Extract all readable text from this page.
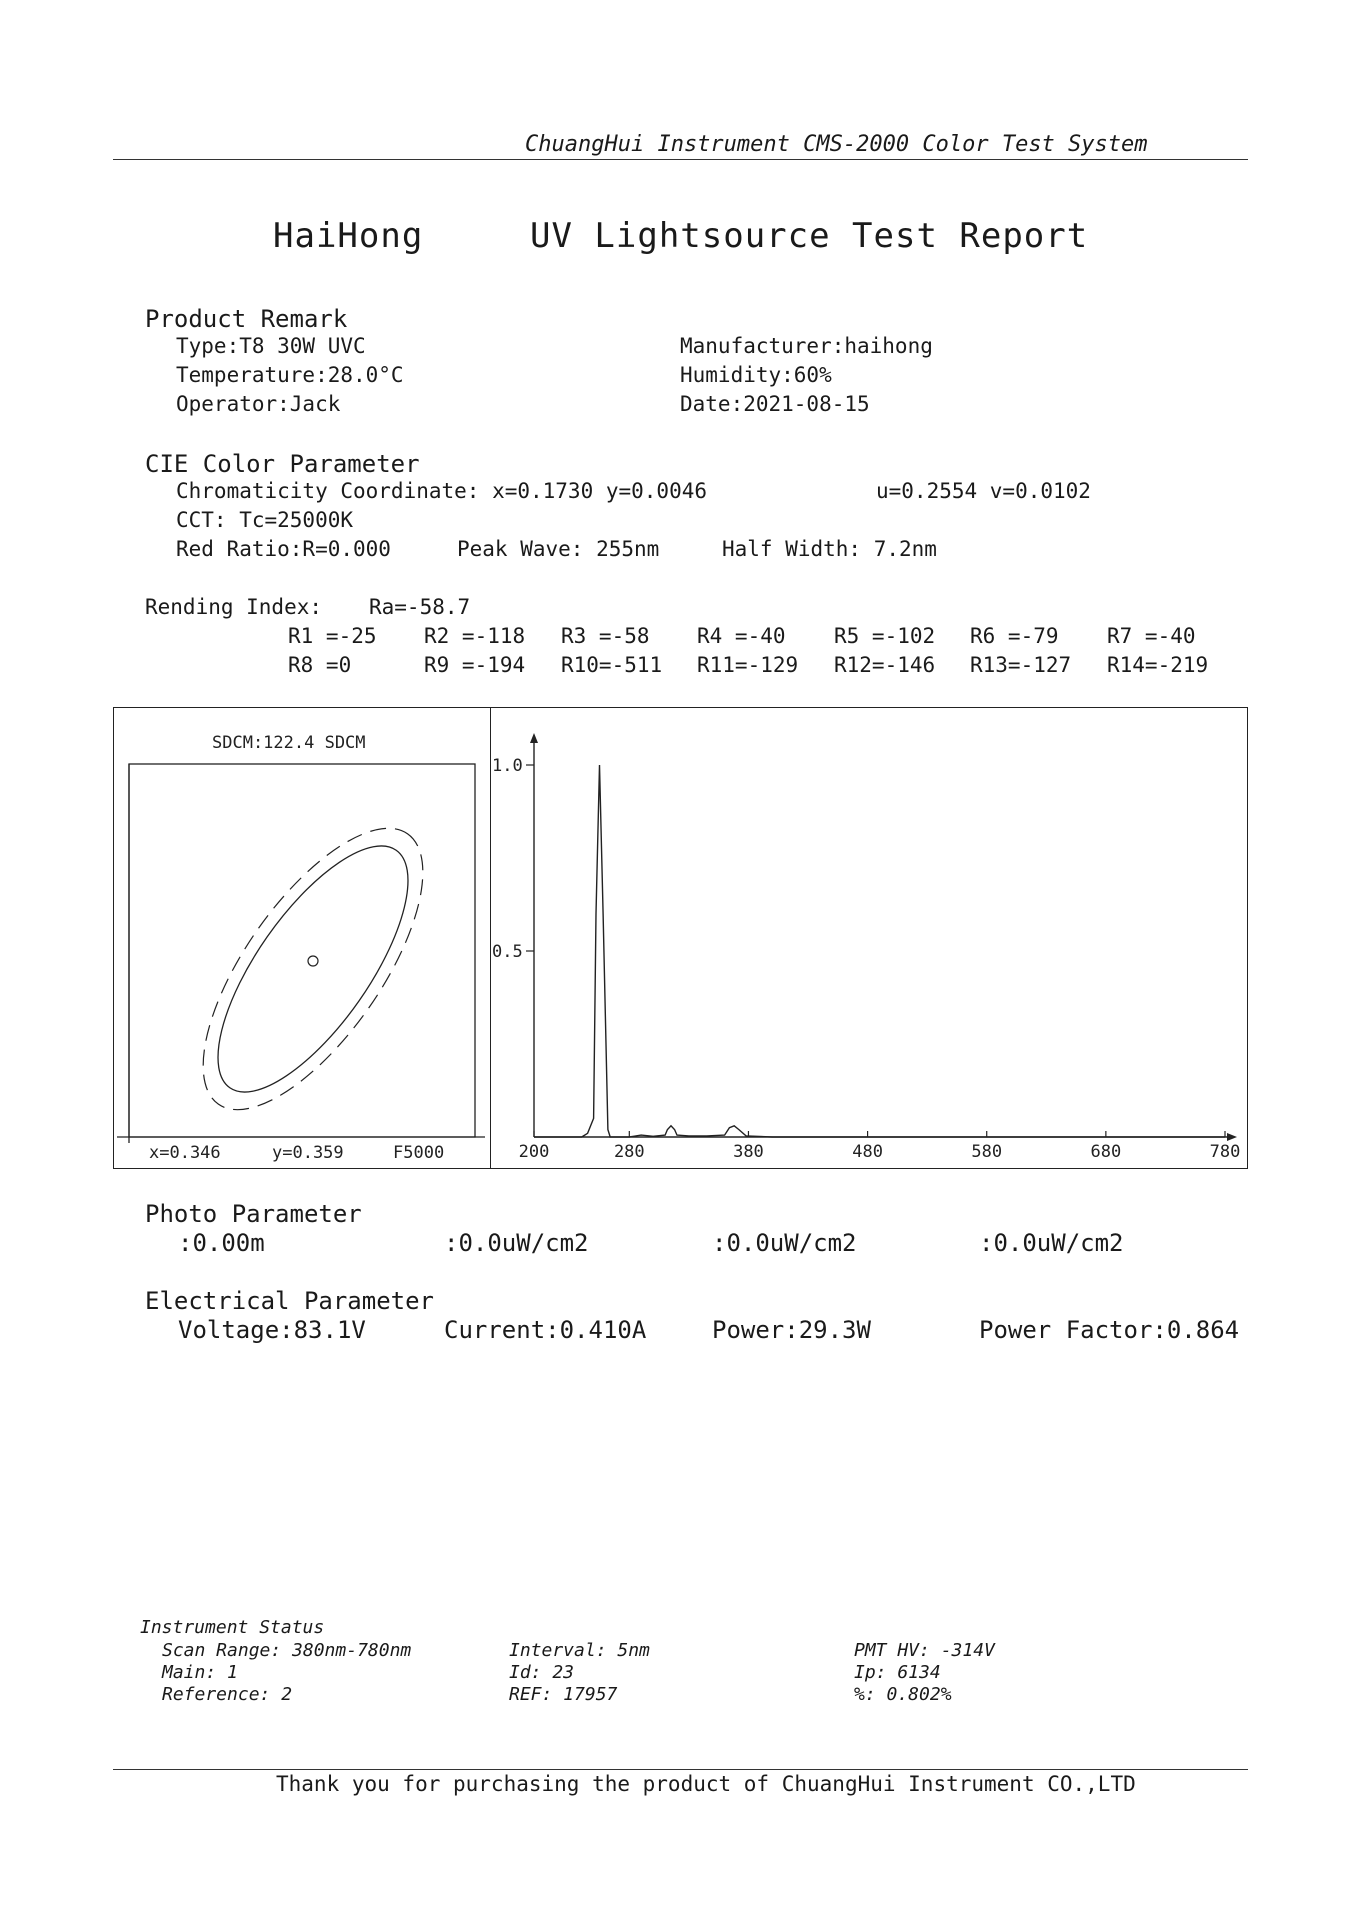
ChuangHui Instrument CMS-2000 Color Test System
HaiHong	UV Lightsource Test Report
Product Remark
Type:T8 30W UVC	Manufacturer:haihong
Temperature:28.0°C	Humidity:60%
Operator:Jack	Date:2021-08-15
CIE Color Parameter
Chromaticity Coordinate: x=0.1730 y=0.0046	u=0.2554 v=0.0102
CCT: Tc=25000K
Red Ratio:R=0.000	Peak Wave: 255nm	Half Width: 7.2nm
Rending Index: Ra=-58.7
R1 =-25 R2 =-118 R3 =-58 R4 =-40 R5 =-102 R6 =-79 R7 =-40
R8 =0	R9 =-194 R10=-511 R11=-129 R12=-146 R13=-127 R14=-219
SDCM:122.4 SDCM
x=0.346	y=0.359	F5000	200	280	380	480	580	680	780
1.0
0.5
Photo Parameter
:0.00m	:0.0uW/cm2	:0.0uW/cm2	:0.0uW/cm2
Electrical Parameter
Voltage:83.1V	Current:0.410A	Power:29.3W	Power Factor:0.864
Instrument Status
Scan Range: 380nm-780nm	Interval: 5nm	PMT HV: -314V
Main: 1	Id: 23	Ip: 6134
Reference: 2	REF: 17957	%: 0.802%
Thank you for purchasing the product of ChuangHui Instrument CO.,LTD
